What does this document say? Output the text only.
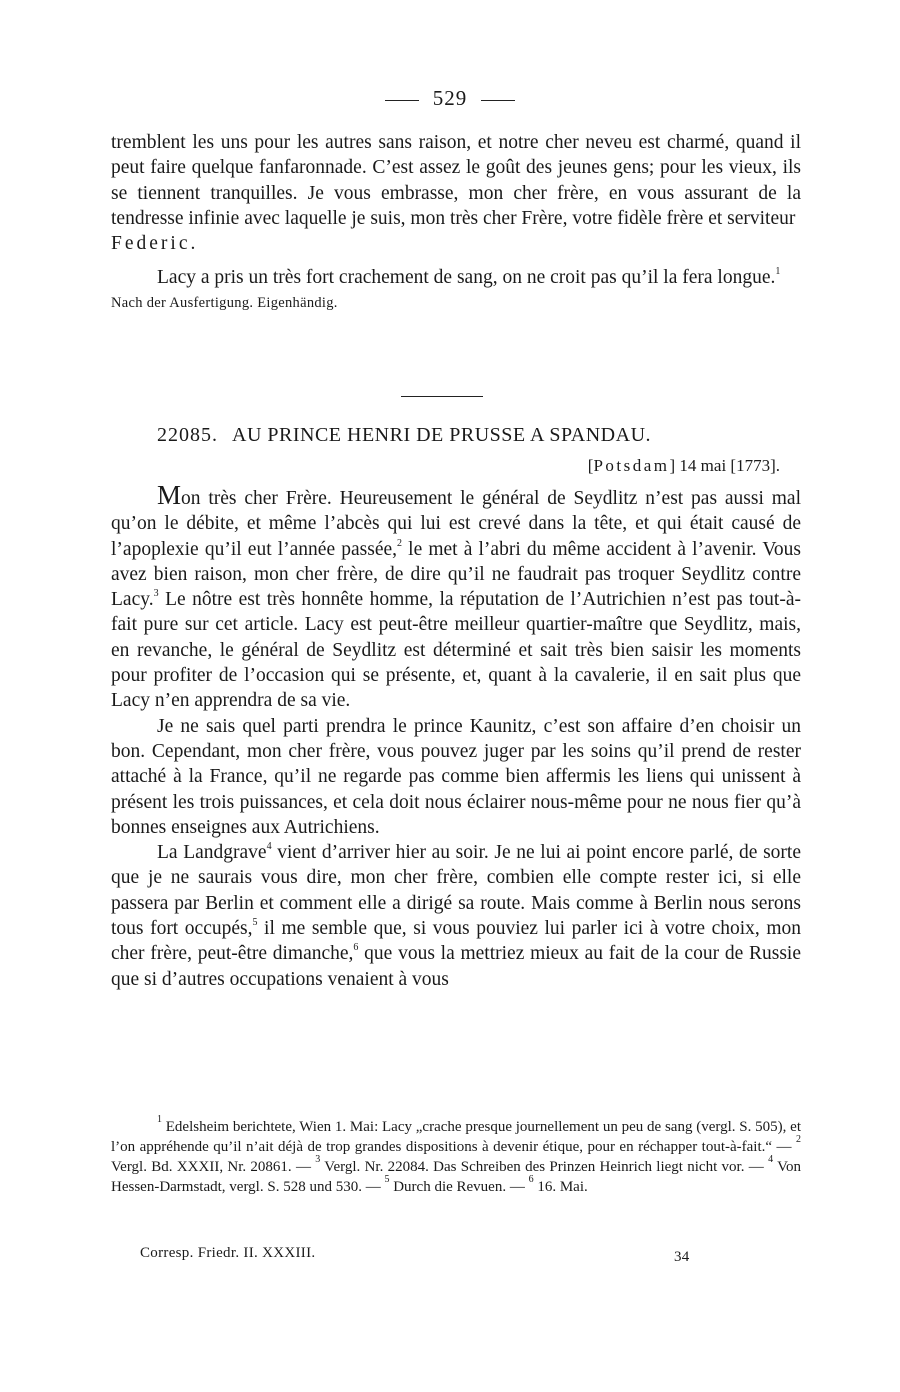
529

tremblent les uns pour les autres sans raison, et notre cher neveu est charmé, quand il peut faire quelque fanfaronnade. C’est assez le goût des jeunes gens; pour les vieux, ils se tiennent tranquilles. Je vous embrasse, mon cher frère, en vous assurant de la tendresse infinie avec laquelle je suis, mon très cher Frère, votre fidèle frère et serviteur

Federic.

Lacy a pris un très fort crachement de sang, on ne croit pas qu’il la fera longue.$^1$

Nach der Ausfertigung. Eigenhändig.

22085. AU PRINCE HENRI DE PRUSSE A SPANDAU.
[Potsdam] 14 mai [1773].

Mon très cher Frère. Heureusement le général de Seydlitz n’est pas aussi mal qu’on le débite, et même l’abcès qui lui est crevé dans la tête, et qui était causé de l’apoplexie qu’il eut l’année passée,$^2$ le met à l’abri du même accident à l’avenir. Vous avez bien raison, mon cher frère, de dire qu’il ne faudrait pas troquer Seydlitz contre Lacy.$^3$ Le nôtre est très honnête homme, la réputation de l’Autrichien n’est pas tout-à-fait pure sur cet article. Lacy est peut-être meilleur quartier-maître que Seydlitz, mais, en revanche, le général de Seydlitz est déterminé et sait très bien saisir les moments pour profiter de l’occasion qui se présente, et, quant à la cavalerie, il en sait plus que Lacy n’en apprendra de sa vie.

Je ne sais quel parti prendra le prince Kaunitz, c’est son affaire d’en choisir un bon. Cependant, mon cher frère, vous pouvez juger par les soins qu’il prend de rester attaché à la France, qu’il ne regarde pas comme bien affermis les liens qui unissent à présent les trois puissances, et cela doit nous éclairer nous-même pour ne nous fier qu’à bonnes enseignes aux Autrichiens.

La Landgrave$^4$ vient d’arriver hier au soir. Je ne lui ai point encore parlé, de sorte que je ne saurais vous dire, mon cher frère, combien elle compte rester ici, si elle passera par Berlin et comment elle a dirigé sa route. Mais comme à Berlin nous serons tous fort occupés,$^5$ il me semble que, si vous pouviez lui parler ici à votre choix, mon cher frère, peut-être dimanche,$^6$ que vous la mettriez mieux au fait de la cour de Russie que si d’autres occupations venaient à vous

$^1$ Edelsheim berichtete, Wien 1. Mai: Lacy „crache presque journellement un peu de sang (vergl. S. 505), et l’on appréhende qu’il n’ait déjà de trop grandes dispositions à devenir étique, pour en réchapper tout-à-fait.“ — $^2$ Vergl. Bd. XXXII, Nr. 20861. — $^3$ Vergl. Nr. 22084. Das Schreiben des Prinzen Heinrich liegt nicht vor. — $^4$ Von Hessen-Darmstadt, vergl. S. 528 und 530. — $^5$ Durch die Revuen. — $^6$ 16. Mai.

Corresp. Friedr. II. XXXIII.	34
